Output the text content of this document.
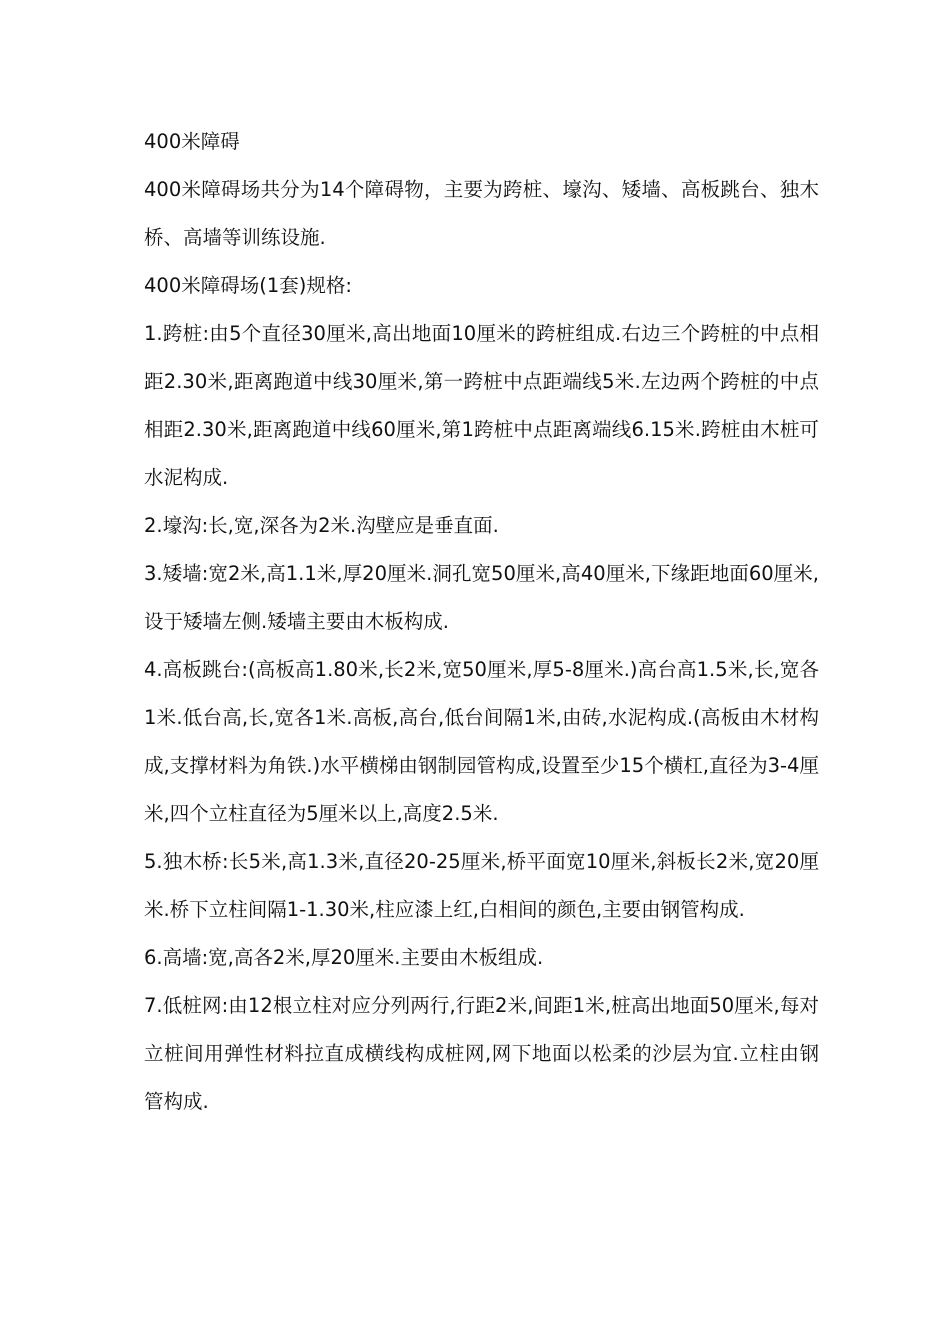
400米障碍

400米障碍场共分为14个障碍物，主要为跨桩、壕沟、矮墙、高板跳台、独木桥、高墙等训练设施.

400米障碍场(1套)规格:

1.跨桩:由5个直径30厘米,高出地面10厘米的跨桩组成.右边三个跨桩的中点相距2.30米,距离跑道中线30厘米,第一跨桩中点距端线5米.左边两个跨桩的中点相距2.30米,距离跑道中线60厘米,第1跨桩中点距离端线6.15米.跨桩由木桩可水泥构成.

2.壕沟:长,宽,深各为2米.沟壁应是垂直面.

3.矮墙:宽2米,高1.1米,厚20厘米.洞孔宽50厘米,高40厘米,下缘距地面60厘米,设于矮墙左侧.矮墙主要由木板构成.

4.高板跳台:(高板高1.80米,长2米,宽50厘米,厚5-8厘米.)高台高1.5米,长,宽各1米.低台高,长,宽各1米.高板,高台,低台间隔1米,由砖,水泥构成.(高板由木材构成,支撑材料为角铁.)水平横梯由钢制园管构成,设置至少15个横杠,直径为3-4厘米,四个立柱直径为5厘米以上,高度2.5米.

5.独木桥:长5米,高1.3米,直径20-25厘米,桥平面宽10厘米,斜板长2米,宽20厘米.桥下立柱间隔1-1.30米,柱应漆上红,白相间的颜色,主要由钢管构成.

6.高墙:宽,高各2米,厚20厘米.主要由木板组成.

7.低桩网:由12根立柱对应分列两行,行距2米,间距1米,桩高出地面50厘米,每对立桩间用弹性材料拉直成横线构成桩网,网下地面以松柔的沙层为宜.立柱由钢管构成.
